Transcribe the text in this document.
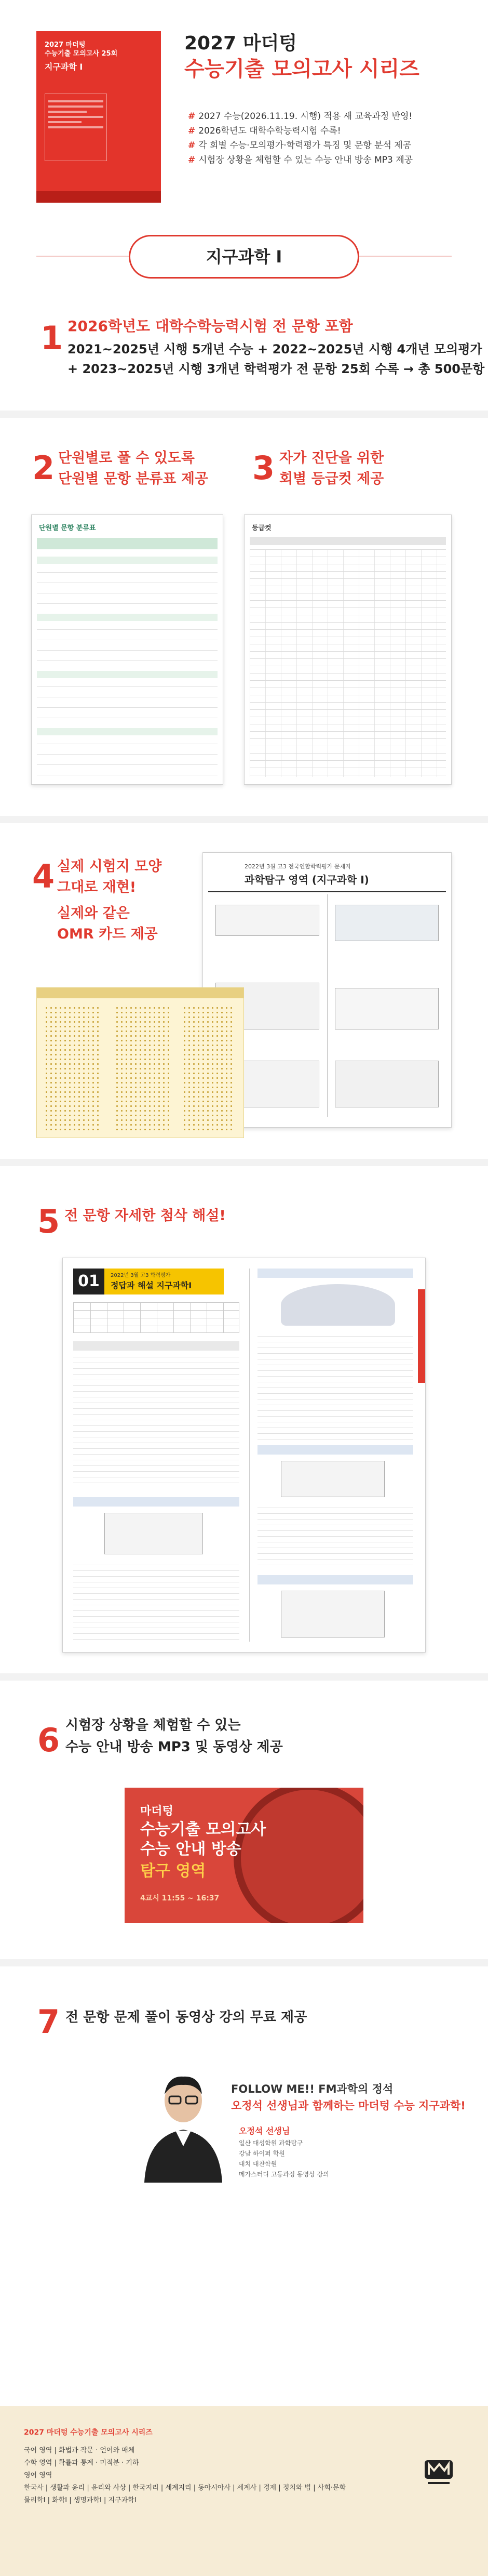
2027 마더텅
수능기출 모의고사 25회
지구과학 Ⅰ
2027 마더텅
수능기출 모의고사 시리즈
# 2027 수능(2026.11.19. 시행) 적용 새 교육과정 반영!
# 2026학년도 대학수학능력시험 수록!
# 각 회별 수능·모의평가·학력평가 특징 및 문항 분석 제공
# 시험장 상황을 체험할 수 있는 수능 안내 방송 MP3 제공
지구과학 Ⅰ
1 2026학년도 대학수학능력시험 전 문항 포함
2021~2025년 시행 5개년 수능 + 2022~2025년 시행 4개년 모의평가
+ 2023~2025년 시행 3개년 학력평가 전 문항 25회 수록 → 총 500문항
2 단원별로 풀 수 있도록
단원별 문항 분류표 제공 3 자가 진단을 위한
회별 등급컷 제공
단원별 문항 분류표	등급컷
4 실제 시험지 모양
그대로 재현!
실제와 같은
OMR 카드 제공
2022년 3월 고3 전국연합학력평가 문제지
과학탐구 영역 (지구과학 Ⅰ)
5 전 문항 자세한 첨삭 해설!
01	2022년 3월 고3 학력평가
정답과 해설 지구과학Ⅰ
6 시험장 상황을 체험할 수 있는
수능 안내 방송 MP3 및 동영상 제공
마더텅
수능기출 모의고사
수능 안내 방송
탐구 영역
4교시 11:55 ~ 16:37
7 전 문항 문제 풀이 동영상 강의 무료 제공
FOLLOW ME!! FM과학의 정석
오정석 선생님과 함께하는 마더텅 수능 지구과학!
오정석 선생님
일산 대성학원 과학탐구
강남 하이퍼 학원
대치 대찬학원
메가스터디 고등과정 동영상 강의
2027 마더텅 수능기출 모의고사 시리즈
국어 영역 | 화법과 작문 · 언어와 매체
수학 영역 | 확률과 통계 · 미적분 · 기하
영어 영역
한국사 | 생활과 윤리 | 윤리와 사상 | 한국지리 | 세계지리 | 동아시아사 | 세계사 | 경제 | 정치와 법 | 사회·문화
물리학Ⅰ | 화학Ⅰ | 생명과학Ⅰ | 지구과학Ⅰ
